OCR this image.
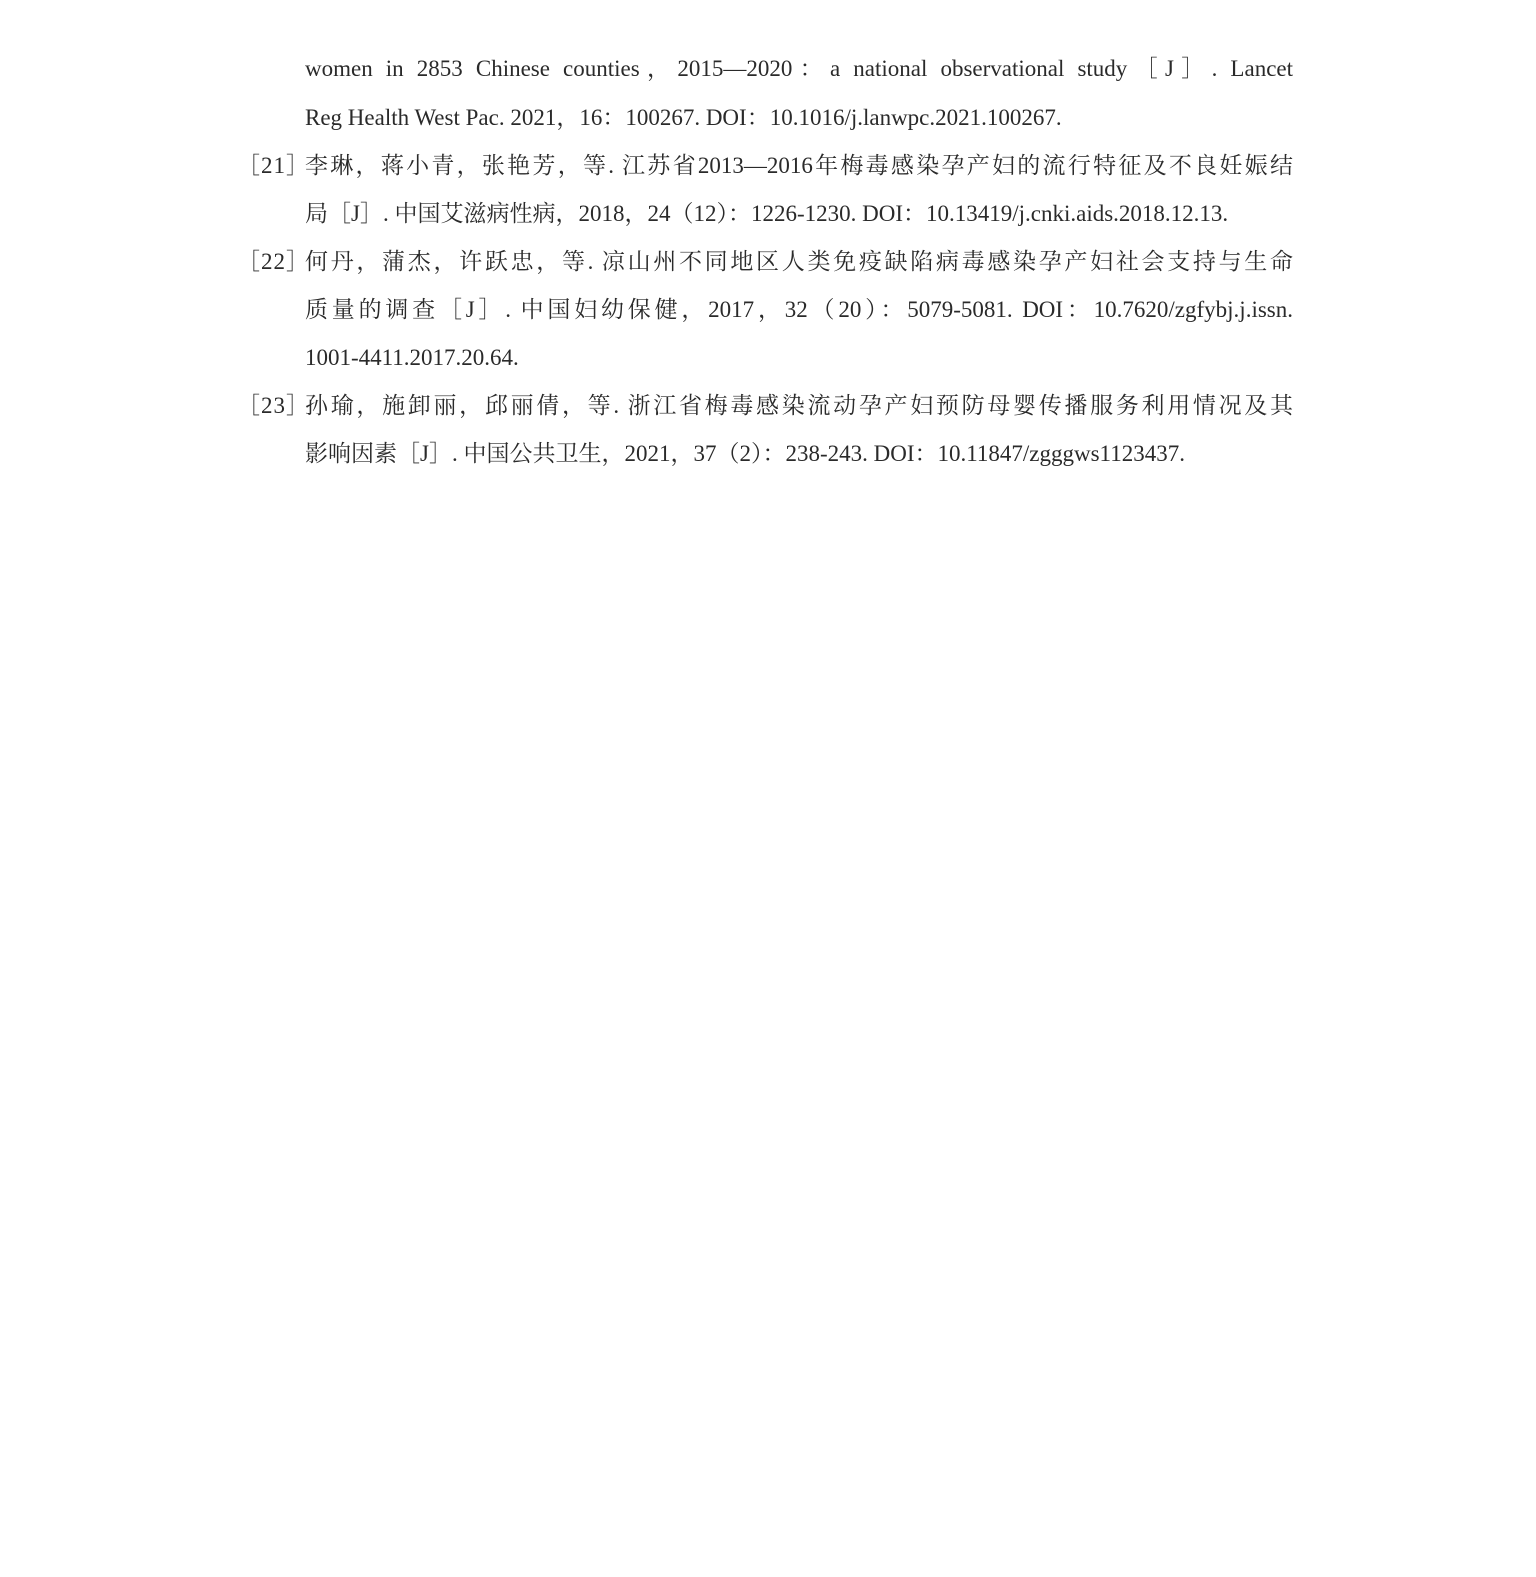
women in 2853 Chinese counties，2015—2020：a national observational study［J］. Lancet
Reg Health West Pac. 2021，16：100267. DOI：10.1016/j.lanwpc.2021.100267.
［21］
李琳，蒋小青，张艳芳，等. 江苏省2013—2016年梅毒感染孕产妇的流行特征及不良妊娠结
局［J］. 中国艾滋病性病，2018，24（12）：1226-1230. DOI：10.13419/j.cnki.aids.2018.12.13.
［22］
何丹，蒲杰，许跃忠，等. 凉山州不同地区人类免疫缺陷病毒感染孕产妇社会支持与生命
质量的调查［J］. 中国妇幼保健，2017，32（20）：5079-5081. DOI：10.7620/zgfybj.j.issn.
1001-4411.2017.20.64.
［23］
孙瑜，施卸丽，邱丽倩，等. 浙江省梅毒感染流动孕产妇预防母婴传播服务利用情况及其
影响因素［J］. 中国公共卫生，2021，37（2）：238-243. DOI：10.11847/zgggws1123437.
